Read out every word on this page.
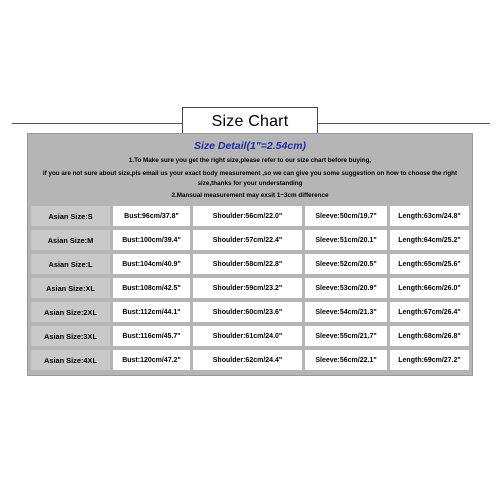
Size Chart
Size Detail(1"=2.54cm)
1.To Make sure you get the right size,please refer to our size chart before buying,
if you are not sure about size,pls email us your exact body measurement ,so we can give you some suggestion on how to choose the right
size,thanks for your understanding
2.Mansual measurement may exsit 1~3cm difference
Asian Size:S	Bust:96cm/37.8"	Shoulder:56cm/22.0"	Sleeve:50cm/19.7"	Length:63cm/24.8"
Asian Size:M	Bust:100cm/39.4"	Shoulder:57cm/22.4"	Sleeve:51cm/20.1"	Length:64cm/25.2"
Asian Size:L	Bust:104cm/40.9"	Shoulder:58cm/22.8"	Sleeve:52cm/20.5"	Length:65cm/25.6"
Asian Size:XL	Bust:108cm/42.5"	Shoulder:59cm/23.2"	Sleeve:53cm/20.9"	Length:66cm/26.0"
Asian Size:2XL	Bust:112cm/44.1"	Shoulder:60cm/23.6"	Sleeve:54cm/21.3"	Length:67cm/26.4"
Asian Size:3XL	Bust:116cm/45.7"	Shoulder:61cm/24.0"	Sleeve:55cm/21.7"	Length:68cm/26.8"
Asian Size:4XL	Bust:120cm/47.2"	Shoulder:62cm/24.4"	Sleeve:56cm/22.1"	Length:69cm/27.2"
